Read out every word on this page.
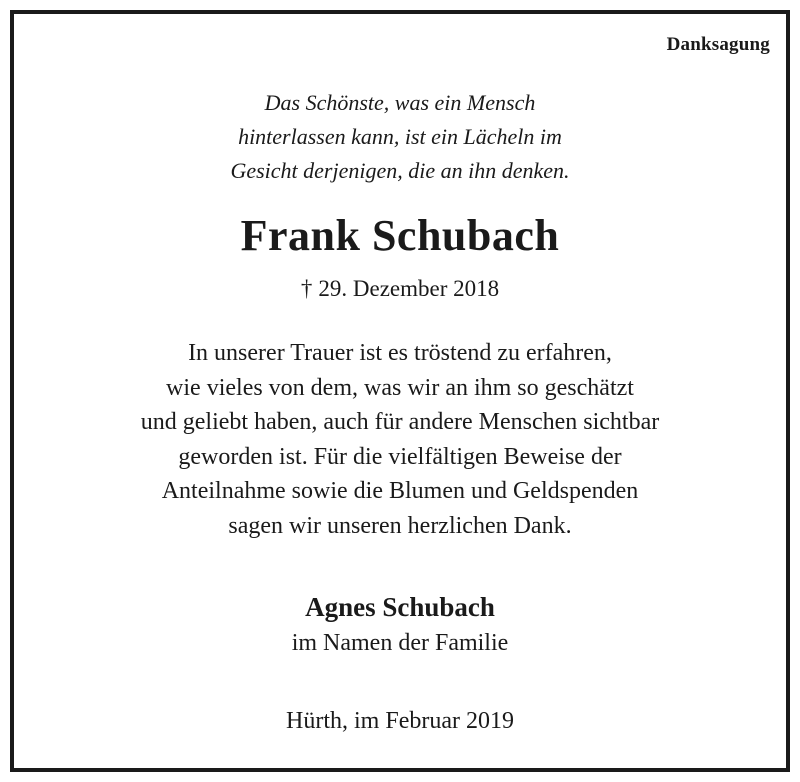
Danksagung
Das Schönste, was ein Mensch
hinterlassen kann, ist ein Lächeln im
Gesicht derjenigen, die an ihn denken.
Frank Schubach
† 29. Dezember 2018
In unserer Trauer ist es tröstend zu erfahren,
wie vieles von dem, was wir an ihm so geschätzt
und geliebt haben, auch für andere Menschen sichtbar
geworden ist. Für die vielfältigen Beweise der
Anteilnahme sowie die Blumen und Geldspenden
sagen wir unseren herzlichen Dank.
Agnes Schubach
im Namen der Familie
Hürth, im Februar 2019
